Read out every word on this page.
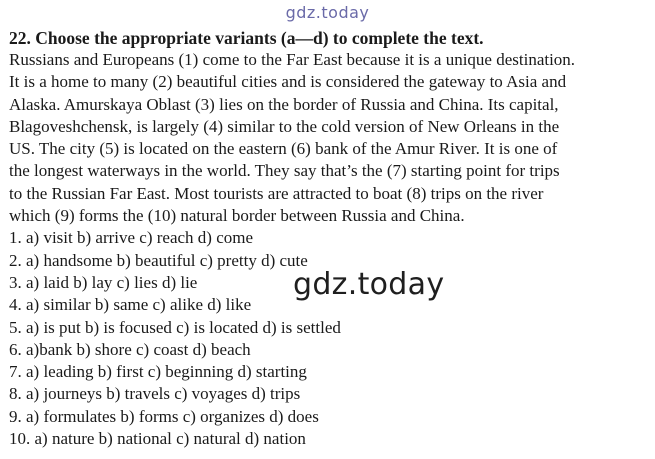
gdz.today

22. Choose the appropriate variants (a—d) to complete the text.

Russians and Europeans (1) come to the Far East because it is a unique destination.

It is a home to many (2) beautiful cities and is considered the gateway to Asia and

Alaska. Amurskaya Oblast (3) lies on the border of Russia and China. Its capital,

Blagoveshchensk, is largely (4) similar to the cold version of New Orleans in the

US. The city (5) is located on the eastern (6) bank of the Amur River. It is one of

the longest waterways in the world. They say that’s the (7) starting point for trips

to the Russian Far East. Most tourists are attracted to boat (8) trips on the river

which (9) forms the (10) natural border between Russia and China.

1. a) visit b) arrive c) reach d) come
2. a) handsome b) beautiful c) pretty d) cute
3. a) laid b) lay c) lies d) lie
4. a) similar b) same c) alike d) like
5. a) is put b) is focused c) is located d) is settled
6. a)bank b) shore c) coast d) beach
7. a) leading b) first c) beginning d) starting
8. a) journeys b) travels c) voyages d) trips
9. a) formulates b) forms c) organizes d) does
10. a) nature b) national c) natural d) nation
gdz.today
